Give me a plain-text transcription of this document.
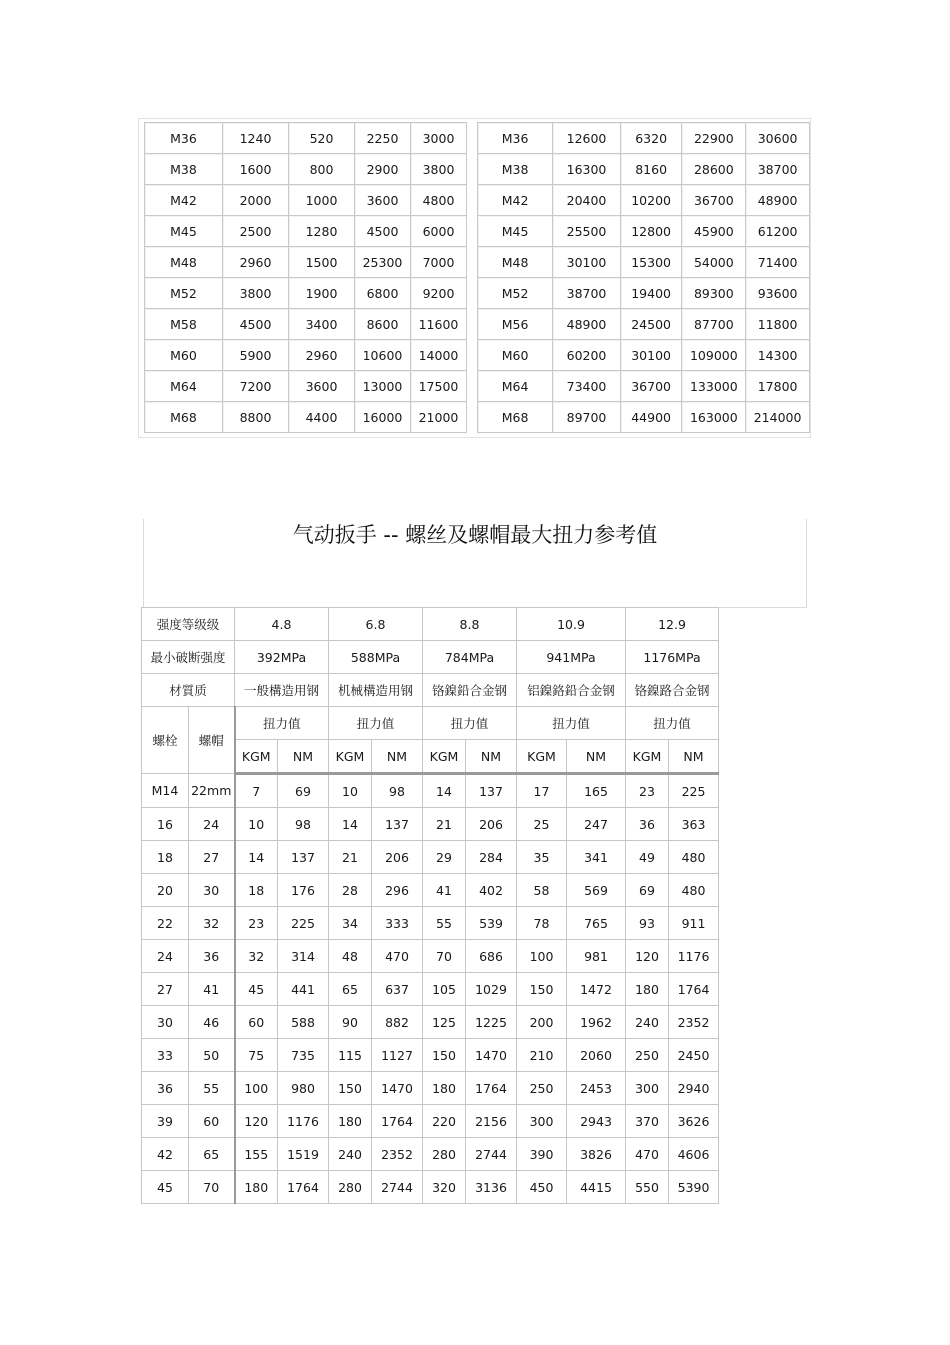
M36	1240	520	2250	3000
M38	1600	800	2900	3800
M42	2000	1000	3600	4800
M45	2500	1280	4500	6000
M48	2960	1500	25300	7000
M52	3800	1900	6800	9200
M58	4500	3400	8600	11600
M60	5900	2960	10600	14000
M64	7200	3600	13000	17500
M68	8800	4400	16000	21000
M36	12600	6320	22900	30600
M38	16300	8160	28600	38700
M42	20400	10200	36700	48900
M45	25500	12800	45900	61200
M48	30100	15300	54000	71400
M52	38700	19400	89300	93600
M56	48900	24500	87700	11800
M60	60200	30100	109000	14300
M64	73400	36700	133000	17800
M68	89700	44900	163000	214000
气动扳手 -- 螺丝及螺帽最大扭力参考值
强度等级级		4.8		6.8		8.8		10.9		12.9	
最小破断强度		392MPa		588MPa		784MPa		941MPa		1176MPa	
材質质		一般構造用钢		机械構造用钢		铬鎳鉛合金钢		铝鎳鉻鉛合金钢		铬鎳路合金钢	
螺栓	螺帽	扭力值		扭力值		扭力值		扭力值		扭力值	
		KGM	NM	KGM	NM	KGM	NM	KGM	NM	KGM	NM
M14	22mm	7	69	10	98	14	137	17	165	23	225
16	24	10	98	14	137	21	206	25	247	36	363
18	27	14	137	21	206	29	284	35	341	49	480
20	30	18	176	28	296	41	402	58	569	69	480
22	32	23	225	34	333	55	539	78	765	93	911
24	36	32	314	48	470	70	686	100	981	120	1176
27	41	45	441	65	637	105	1029	150	1472	180	1764
30	46	60	588	90	882	125	1225	200	1962	240	2352
33	50	75	735	115	1127	150	1470	210	2060	250	2450
36	55	100	980	150	1470	180	1764	250	2453	300	2940
39	60	120	1176	180	1764	220	2156	300	2943	370	3626
42	65	155	1519	240	2352	280	2744	390	3826	470	4606
45	70	180	1764	280	2744	320	3136	450	4415	550	5390
